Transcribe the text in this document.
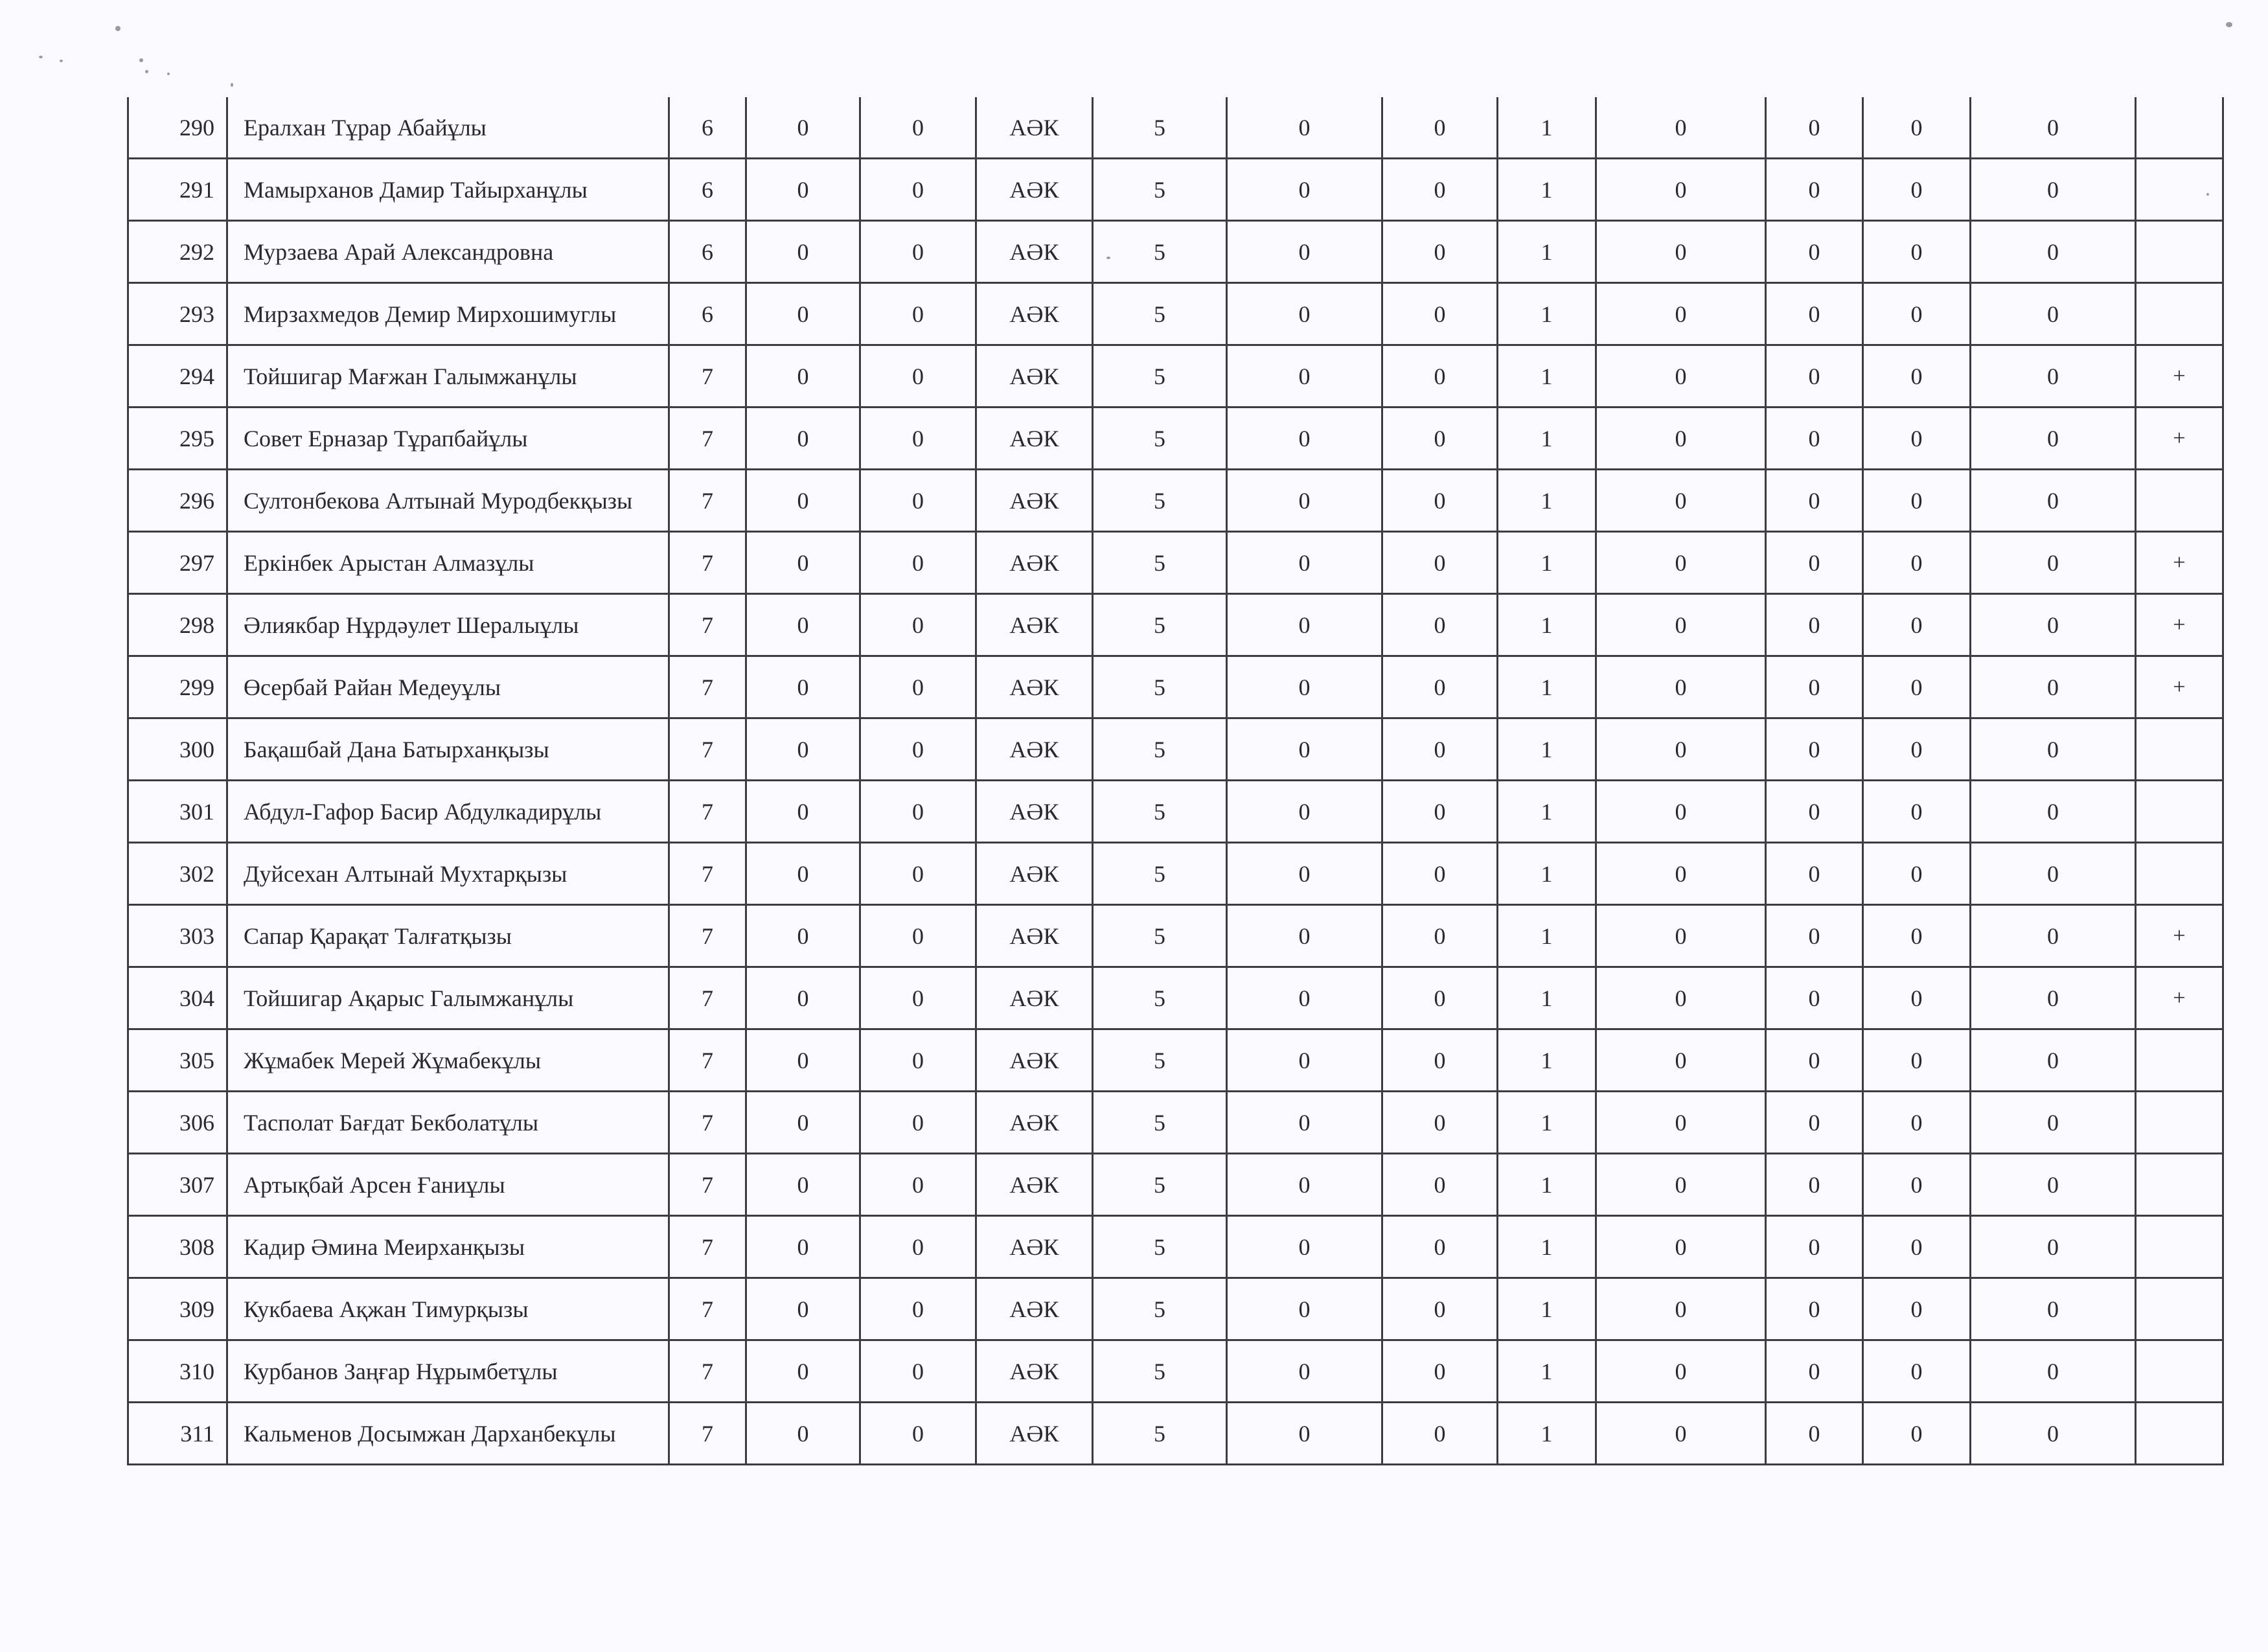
290	Ералхан Тұрар Абайұлы	6	0	0	АӘК	5	0	0	1	0	0	0	0	
291	Мамырханов Дамир Тайырханұлы	6	0	0	АӘК	5	0	0	1	0	0	0	0	
292	Мурзаева Арай Александровна	6	0	0	АӘК	5	0	0	1	0	0	0	0	
293	Мирзахмедов Демир Мирхошимуглы	6	0	0	АӘК	5	0	0	1	0	0	0	0	
294	Тойшигар Мағжан Галымжанұлы	7	0	0	АӘК	5	0	0	1	0	0	0	0	+
295	Совет Ерназар Тұрапбайұлы	7	0	0	АӘК	5	0	0	1	0	0	0	0	+
296	Султонбекова Алтынай Муродбекқызы	7	0	0	АӘК	5	0	0	1	0	0	0	0	
297	Еркінбек Арыстан Алмазұлы	7	0	0	АӘК	5	0	0	1	0	0	0	0	+
298	Әлиякбар Нұрдәулет Шералыұлы	7	0	0	АӘК	5	0	0	1	0	0	0	0	+
299	Өсербай Райан Медеуұлы	7	0	0	АӘК	5	0	0	1	0	0	0	0	+
300	Бақашбай Дана Батырханқызы	7	0	0	АӘК	5	0	0	1	0	0	0	0	
301	Абдул-Гафор Басир Абдулкадирұлы	7	0	0	АӘК	5	0	0	1	0	0	0	0	
302	Дуйсехан Алтынай Мухтарқызы	7	0	0	АӘК	5	0	0	1	0	0	0	0	
303	Сапар Қарақат Талғатқызы	7	0	0	АӘК	5	0	0	1	0	0	0	0	+
304	Тойшигар Ақарыс Галымжанұлы	7	0	0	АӘК	5	0	0	1	0	0	0	0	+
305	Жұмабек Мерей Жұмабекұлы	7	0	0	АӘК	5	0	0	1	0	0	0	0	
306	Тасполат Бағдат Бекболатұлы	7	0	0	АӘК	5	0	0	1	0	0	0	0	
307	Артықбай Арсен Ғаниұлы	7	0	0	АӘК	5	0	0	1	0	0	0	0	
308	Кадир Әмина Меирханқызы	7	0	0	АӘК	5	0	0	1	0	0	0	0	
309	Кукбаева Ақжан Тимурқызы	7	0	0	АӘК	5	0	0	1	0	0	0	0	
310	Курбанов Заңғар Нұрымбетұлы	7	0	0	АӘК	5	0	0	1	0	0	0	0	
311	Кальменов Досымжан Дарханбекұлы	7	0	0	АӘК	5	0	0	1	0	0	0	0	
